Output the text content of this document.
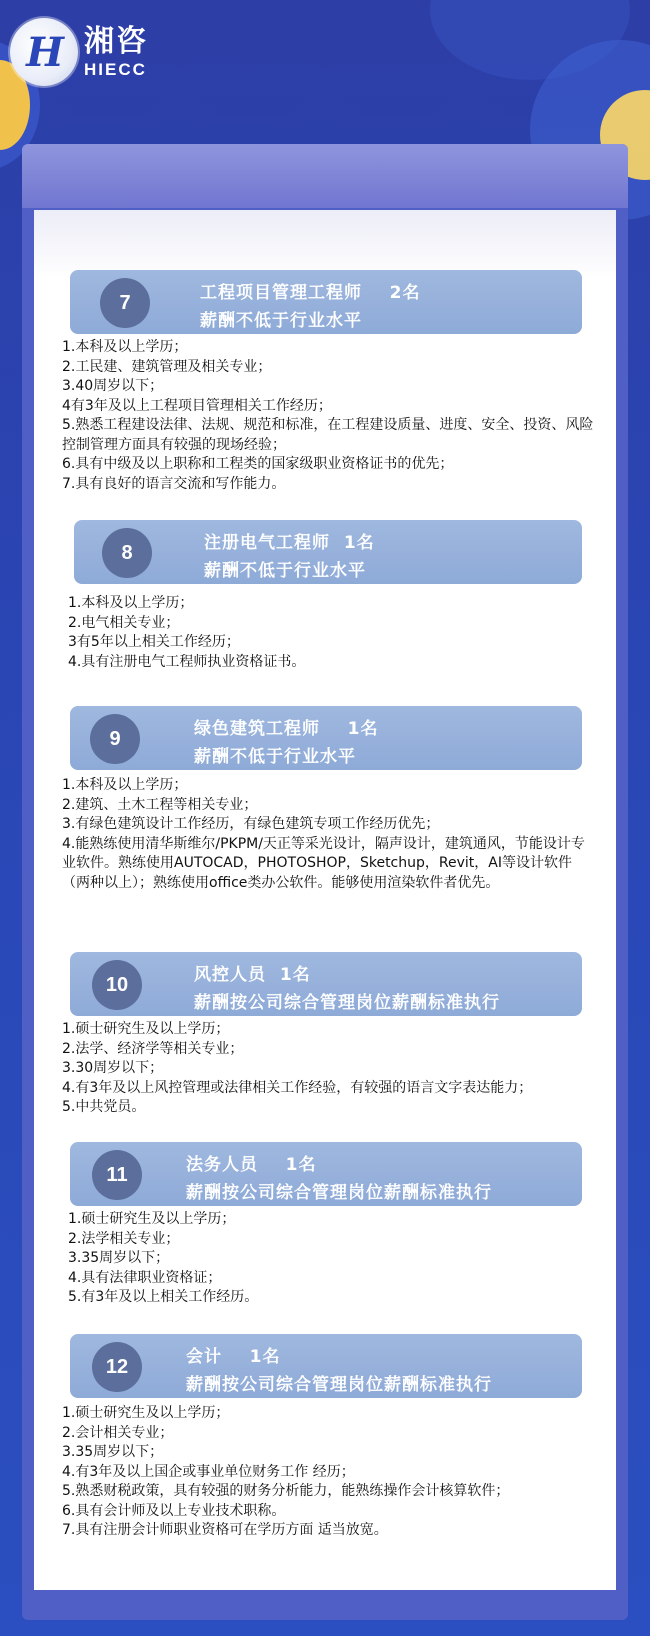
H 湘咨
HIECC
7	工程项目管理工程师    2名
薪酬不低于行业水平
1.本科及以上学历；
2.工民建、建筑管理及相关专业；
3.40周岁以下；
4有3年及以上工程项目管理相关工作经历；
5.熟悉工程建设法律、法规、规范和标准，在工程建设质量、进度、安全、投资、风险控制管理方面具有较强的现场经验；
6.具有中级及以上职称和工程类的国家级职业资格证书的优先；
7.具有良好的语言交流和写作能力。
8	注册电气工程师  1名
薪酬不低于行业水平
1.本科及以上学历；
2.电气相关专业；
3有5年以上相关工作经历；
4.具有注册电气工程师执业资格证书。
9	绿色建筑工程师    1名
薪酬不低于行业水平
1.本科及以上学历；
2.建筑、土木工程等相关专业；
3.有绿色建筑设计工作经历，有绿色建筑专项工作经历优先；
4.能熟练使用清华斯维尔/PKPM/天正等采光设计，隔声设计，建筑通风，节能设计专业软件。熟练使用AUTOCAD，PHOTOSHOP，Sketchup，Revit，AI等设计软件（两种以上）；熟练使用office类办公软件。能够使用渲染软件者优先。
10	风控人员  1名
薪酬按公司综合管理岗位薪酬标准执行
1.硕士研究生及以上学历；
2.法学、经济学等相关专业；
3.30周岁以下；
4.有3年及以上风控管理或法律相关工作经验，有较强的语言文字表达能力；
5.中共党员。
11	法务人员    1名
薪酬按公司综合管理岗位薪酬标准执行
1.硕士研究生及以上学历；
2.法学相关专业；
3.35周岁以下；
4.具有法律职业资格证；
5.有3年及以上相关工作经历。
12	会计    1名
薪酬按公司综合管理岗位薪酬标准执行
1.硕士研究生及以上学历；
2.会计相关专业；
3.35周岁以下；
4.有3年及以上国企或事业单位财务工作 经历；
5.熟悉财税政策，具有较强的财务分析能力，能熟练操作会计核算软件；
6.具有会计师及以上专业技术职称。
7.具有注册会计师职业资格可在学历方面 适当放宽。
